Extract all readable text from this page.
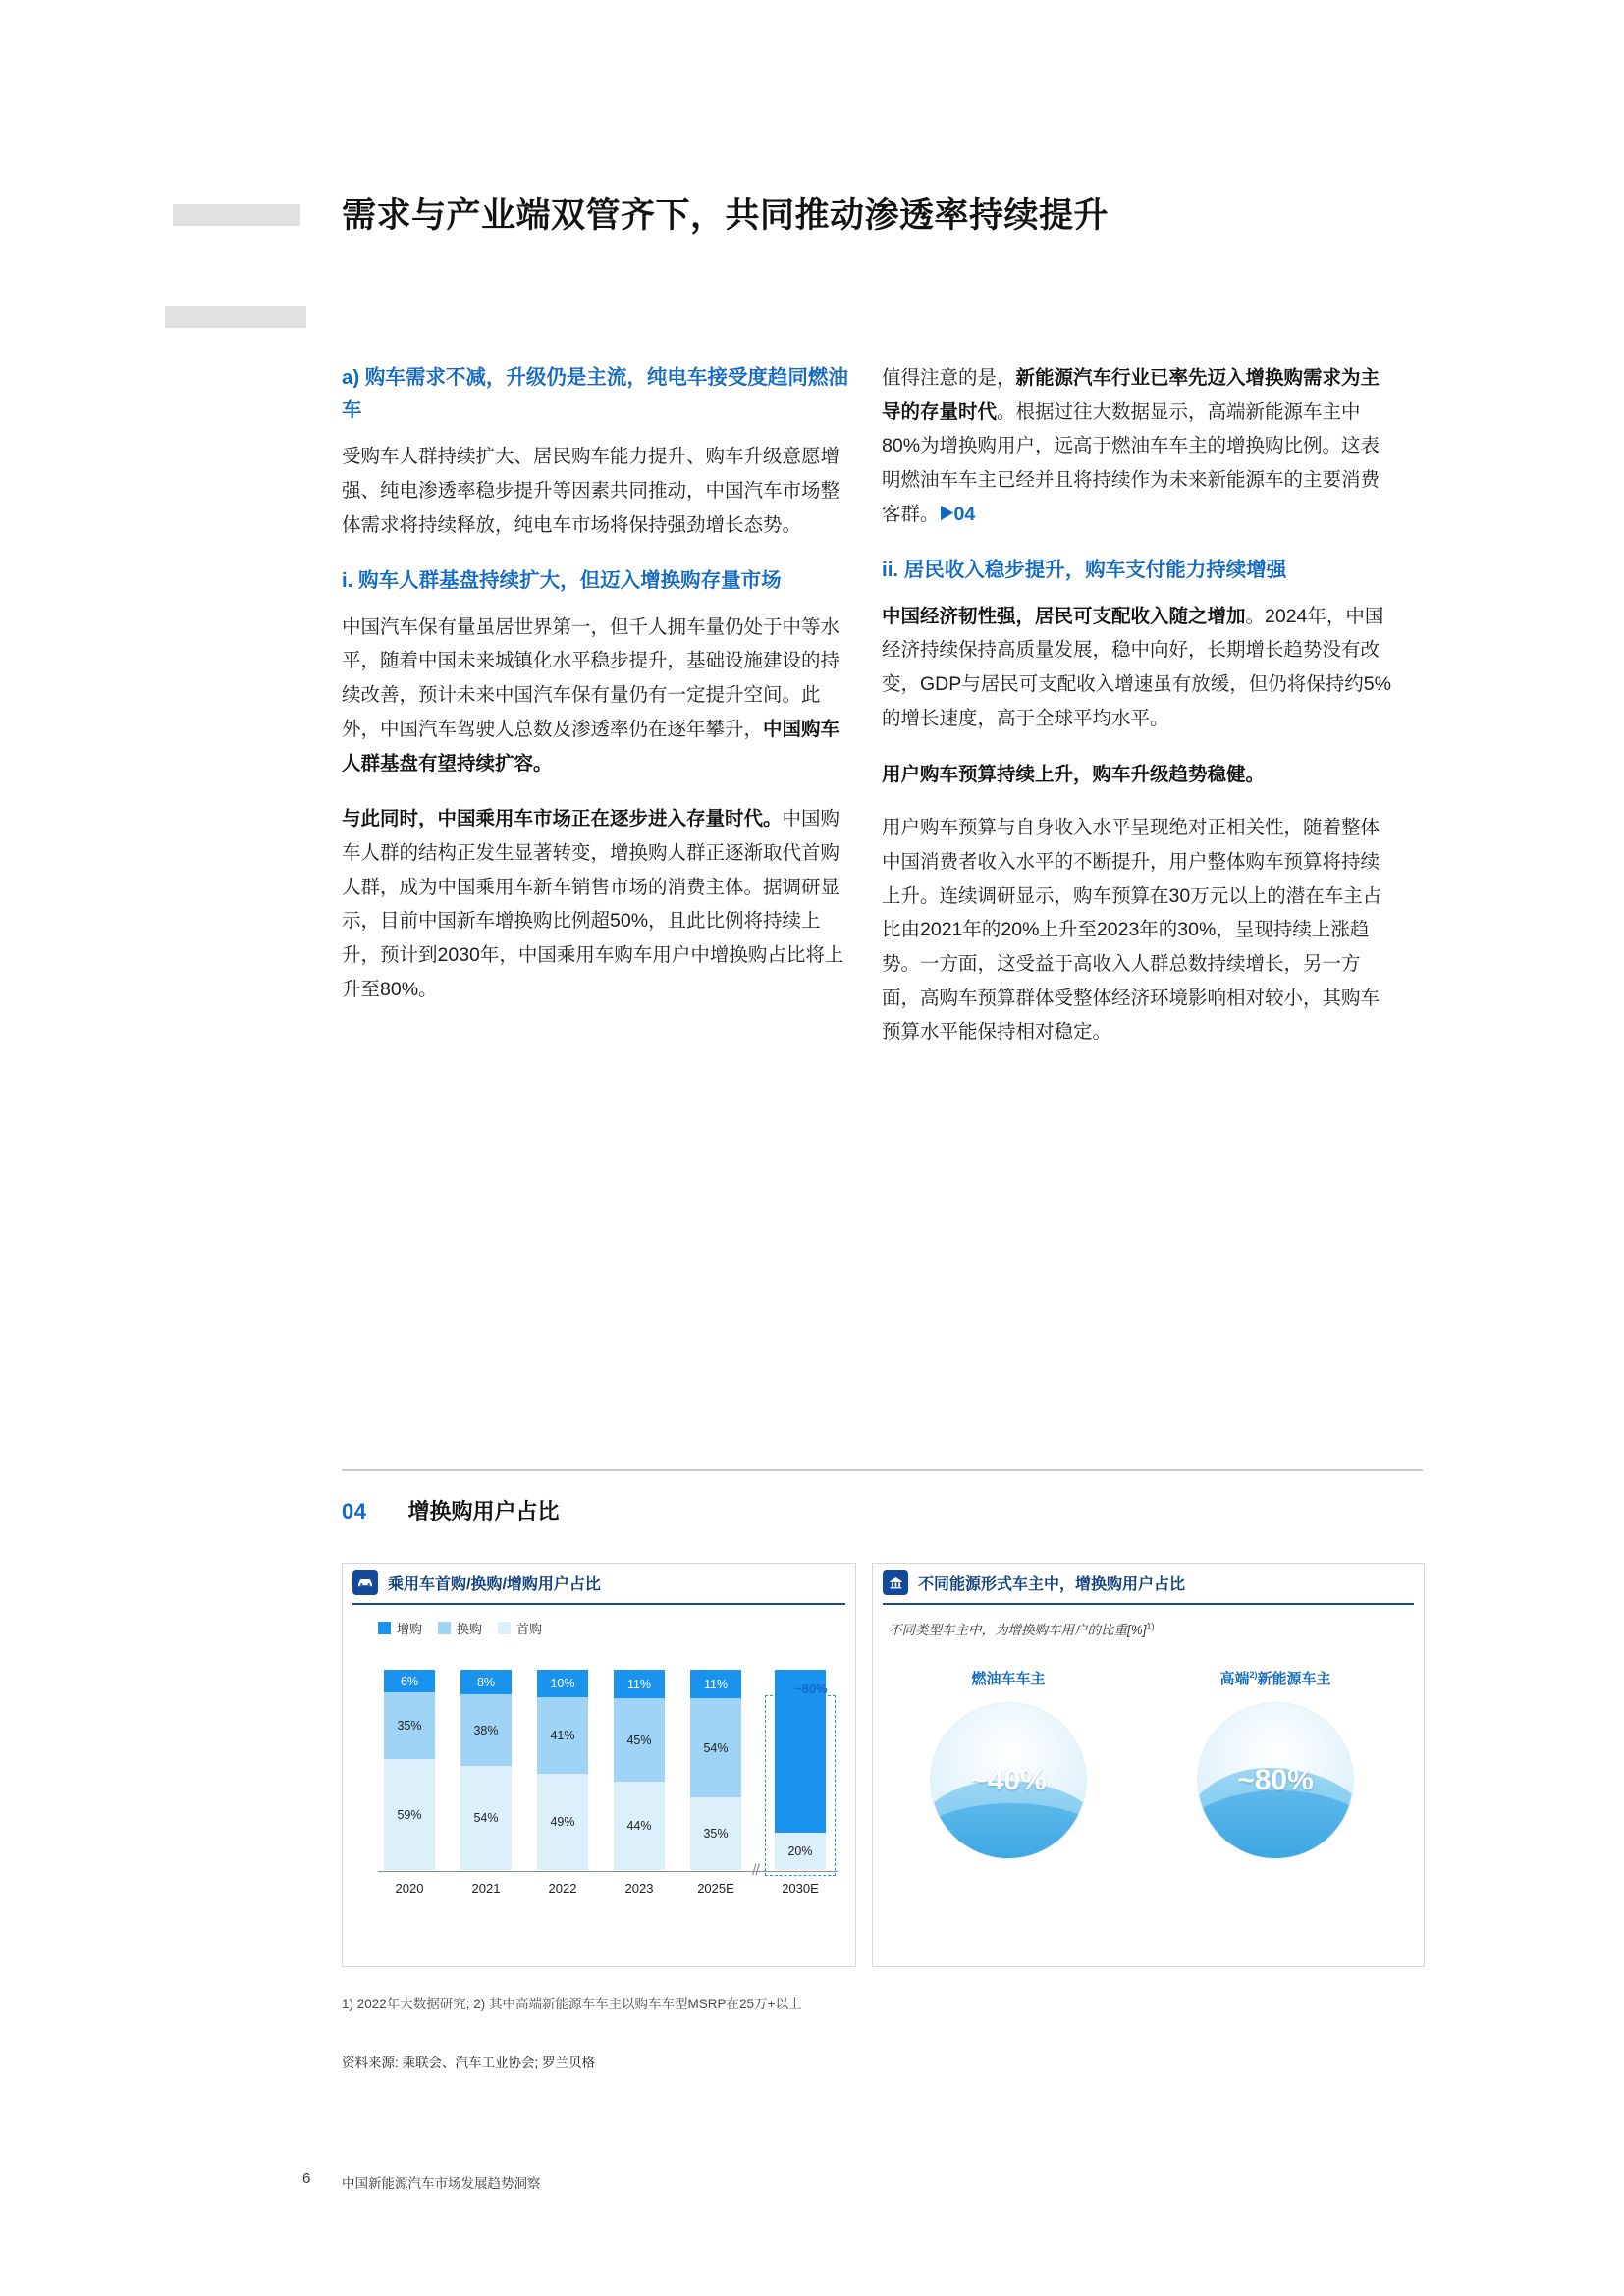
需求与产业端双管齐下，共同推动渗透率持续提升
a) 购车需求不减，升级仍是主流，纯电车接受度趋同燃油车

受购车人群持续扩大、居民购车能力提升、购车升级意愿增强、纯电渗透率稳步提升等因素共同推动，中国汽车市场整体需求将持续释放，纯电车市场将保持强劲增长态势。

i. 购车人群基盘持续扩大，但迈入增换购存量市场

中国汽车保有量虽居世界第一，但千人拥车量仍处于中等水平，随着中国未来城镇化水平稳步提升，基础设施建设的持续改善，预计未来中国汽车保有量仍有一定提升空间。此外，中国汽车驾驶人总数及渗透率仍在逐年攀升，中国购车人群基盘有望持续扩容。

与此同时，中国乘用车市场正在逐步进入存量时代。中国购车人群的结构正发生显著转变，增换购人群正逐渐取代首购人群，成为中国乘用车新车销售市场的消费主体。据调研显示，目前中国新车增换购比例超50%，且此比例将持续上升，预计到2030年，中国乘用车购车用户中增换购占比将上升至80%。

值得注意的是，新能源汽车行业已率先迈入增换购需求为主导的存量时代。根据过往大数据显示，高端新能源车主中80%为增换购用户，远高于燃油车车主的增换购比例。这表明燃油车车主已经并且将持续作为未来新能源车的主要消费客群。▶04

ii. 居民收入稳步提升，购车支付能力持续增强

中国经济韧性强，居民可支配收入随之增加。2024年，中国经济持续保持高质量发展，稳中向好，长期增长趋势没有改变，GDP与居民可支配收入增速虽有放缓，但仍将保持约5%的增长速度，高于全球平均水平。

用户购车预算持续上升，购车升级趋势稳健。

用户购车预算与自身收入水平呈现绝对正相关性，随着整体中国消费者收入水平的不断提升，用户整体购车预算将持续上升。连续调研显示，购车预算在30万元以上的潜在车主占比由2021年的20%上升至2023年的30%，呈现持续上涨趋势。一方面，这受益于高收入人群总数持续增长，另一方面，高购车预算群体受整体经济环境影响相对较小，其购车预算水平能保持相对稳定。

04 增换购用户占比
乘用车首购/换购/增购用户占比
增购	换购	首购
6%
35%
59%
2020
8%
38%
54%
2021
10%
41%
49%
2022
11%
45%
44%
2023
11%
54%
35%
2025E
20%
2030E
~80%
//
不同能源形式车主中，增换购用户占比
不同类型车主中，为增换购车用户的比重[%]$^{1)}$
燃油车车主
~40%
高端$^{2)}$新能源车主
~80%
1) 2022年大数据研究; 2) 其中高端新能源车车主以购车车型MSRP在25万+以上
资料来源: 乘联会、汽车工业协会; 罗兰贝格
6 中国新能源汽车市场发展趋势洞察
